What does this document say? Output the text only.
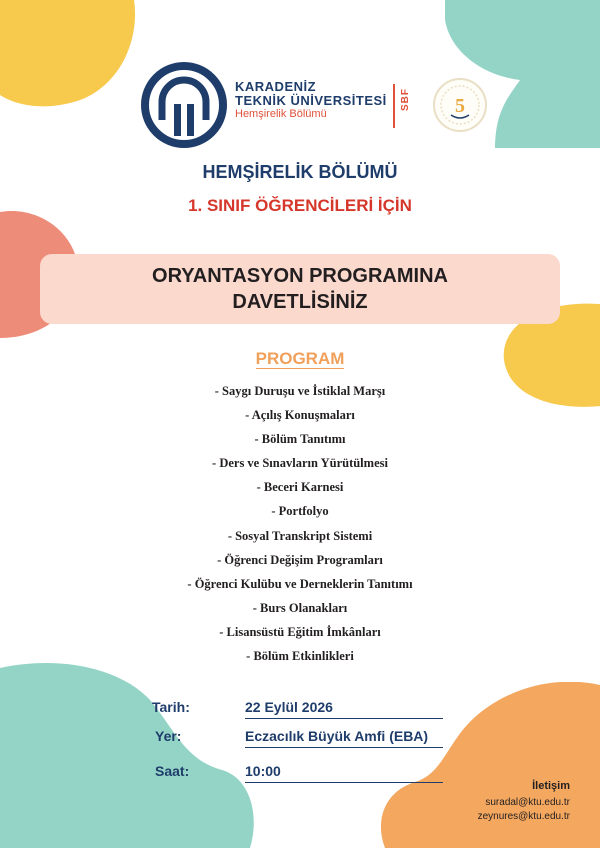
KARADENİZ
TEKNİK ÜNİVERSİTESİ
Hemşirelik Bölümü
SBF 5
HEMŞİRELİK BÖLÜMÜ
1. SINIF ÖĞRENCİLERİ İÇİN
ORYANTASYON PROGRAMINA
DAVETLİSİNİZ
PROGRAM
- Saygı Duruşu ve İstiklal Marşı
- Açılış Konuşmaları
- Bölüm Tanıtımı
- Ders ve Sınavların Yürütülmesi
- Beceri Karnesi
- Portfolyo
- Sosyal Transkript Sistemi
- Öğrenci Değişim Programları
- Öğrenci Kulübu ve Derneklerin Tanıtımı
- Burs Olanakları
- Lisansüstü Eğitim İmkânları
- Bölüm Etkinlikleri
Tarih:	22 Eylül 2026
Yer:	Eczacılık Büyük Amfi (EBA)
Saat:	10:00
İletişim
suradal@ktu.edu.tr
zeynures@ktu.edu.tr
